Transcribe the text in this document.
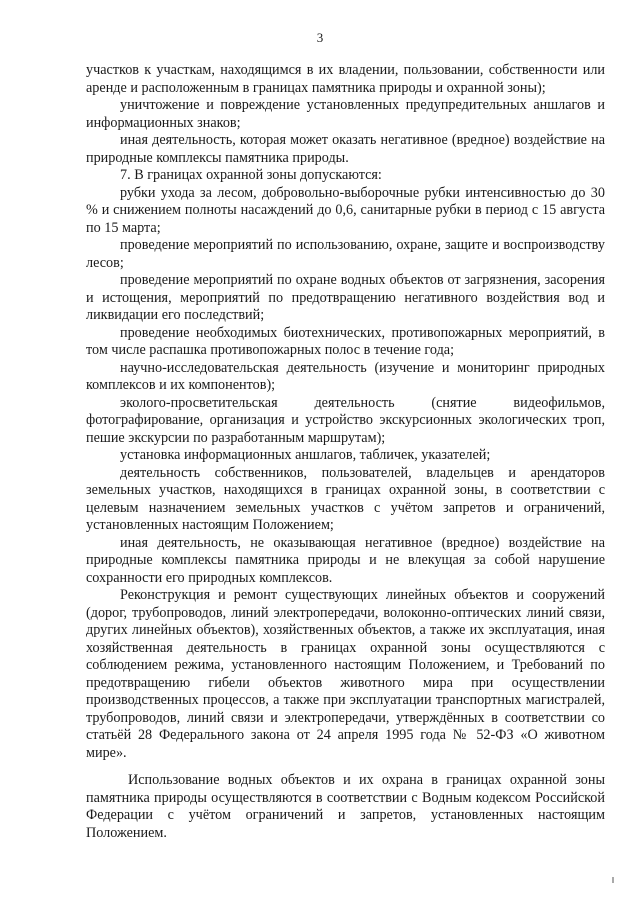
3

участков к участкам, находящимся в их владении, пользовании, собственности или аренде и расположенным в границах памятника природы и охранной зоны);

уничтожение и повреждение установленных предупредительных аншлагов и информационных знаков;

иная деятельность, которая может оказать негативное (вредное) воздействие на природные комплексы памятника природы.

7. В границах охранной зоны допускаются:

рубки ухода за лесом, добровольно-выборочные рубки интенсивностью до 30 % и снижением полноты насаждений до 0,6, санитарные рубки в период с 15 августа по 15 марта;

проведение мероприятий по использованию, охране, защите и воспроизводству лесов;

проведение мероприятий по охране водных объектов от загрязнения, засорения и истощения, мероприятий по предотвращению негативного воздействия вод и ликвидации его последствий;

проведение необходимых биотехнических, противопожарных мероприятий, в том числе распашка противопожарных полос в течение года;

научно-исследовательская деятельность (изучение и мониторинг природных комплексов и их компонентов);

эколого-просветительская деятельность (снятие видеофильмов, фотографирование, организация и устройство экскурсионных экологических троп, пешие экскурсии по разработанным маршрутам);

установка информационных аншлагов, табличек, указателей;

деятельность собственников, пользователей, владельцев и арендаторов земельных участков, находящихся в границах охранной зоны, в соответствии с целевым назначением земельных участков с учётом запретов и ограничений, установленных настоящим Положением;

иная деятельность, не оказывающая негативное (вредное) воздействие на природные комплексы памятника природы и не влекущая за собой нарушение сохранности его природных комплексов.

Реконструкция и ремонт существующих линейных объектов и сооружений (дорог, трубопроводов, линий электропередачи, волоконно-оптических линий связи, других линейных объектов), хозяйственных объектов, а также их эксплуатация, иная хозяйственная деятельность в границах охранной зоны осуществляются с соблюдением режима, установленного настоящим Положением, и Требований по предотвращению гибели объектов животного мира при осуществлении производственных процессов, а также при эксплуатации транспортных магистралей, трубопроводов, линий связи и электропередачи, утверждённых в соответствии со статьёй 28 Федерального закона от 24 апреля 1995 года № 52-ФЗ «О животном мире».

Использование водных объектов и их охрана в границах охранной зоны памятника природы осуществляются в соответствии с Водным кодексом Российской Федерации с учётом ограничений и запретов, установленных настоящим Положением.
